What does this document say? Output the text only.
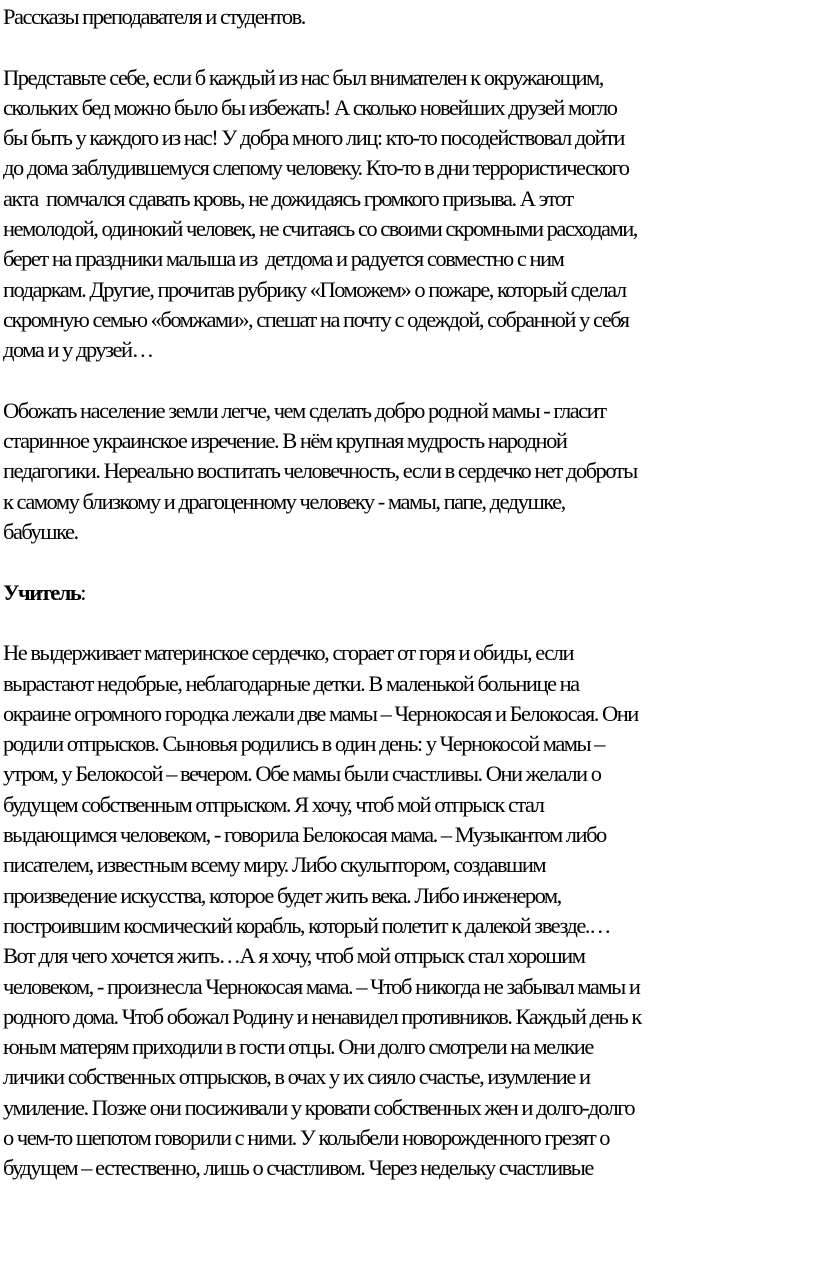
Рассказы преподавателя и студентов.

Представьте себе, если б каждый из нас был внимателен к окружающим,
скольких бед можно было бы избежать! А сколько новейших друзей могло
бы быть у каждого из нас! У добра много лиц: кто-то посодействовал дойти
до дома заблудившемуся слепому человеку. Кто-то в дни террористического
акта  помчался сдавать кровь, не дожидаясь громкого призыва. А этот
немолодой, одинокий человек, не считаясь со своими скромными расходами,
берет на праздники малыша из  детдома и радуется совместно с ним
подаркам. Другие, прочитав рубрику «Поможем» о пожаре, который сделал
скромную семью «бомжами», спешат на почту с одеждой, собранной у себя
дома и у друзей…

Обожать население земли легче, чем сделать добро родной мамы - гласит
старинное украинское изречение. В нём крупная мудрость народной
педагогики. Нереально воспитать человечность, если в сердечко нет доброты
к самому близкому и драгоценному человеку - мамы, папе, дедушке,
бабушке.

Учитель:

Не выдерживает материнское сердечко, сгорает от горя и обиды, если
вырастают недобрые, неблагодарные детки. В маленькой больнице на
окраине огромного городка лежали две мамы – Чернокосая и Белокосая. Они
родили отпрысков. Сыновья родились в один день: у Чернокосой мамы –
утром, у Белокосой – вечером. Обе мамы были счастливы. Они желали о
будущем собственным отпрыском. Я хочу, чтоб мой отпрыск стал
выдающимся человеком, - говорила Белокосая мама. – Музыкантом либо
писателем, известным всему миру. Либо скульптором, создавшим
произведение искусства, которое будет жить века. Либо инженером,
построившим космический корабль, который полетит к далекой звезде.…
Вот для чего хочется жить…А я хочу, чтоб мой отпрыск стал хорошим
человеком, - произнесла Чернокосая мама. – Чтоб никогда не забывал мамы и
родного дома. Чтоб обожал Родину и ненавидел противников. Каждый день к
юным матерям приходили в гости отцы. Они долго смотрели на мелкие
личики собственных отпрысков, в очах у их сияло счастье, изумление и
умиление. Позже они посиживали у кровати собственных жен и долго-долго
о чем-то шепотом говорили с ними. У колыбели новорожденного грезят о
будущем – естественно, лишь о счастливом. Через недельку счастливые
